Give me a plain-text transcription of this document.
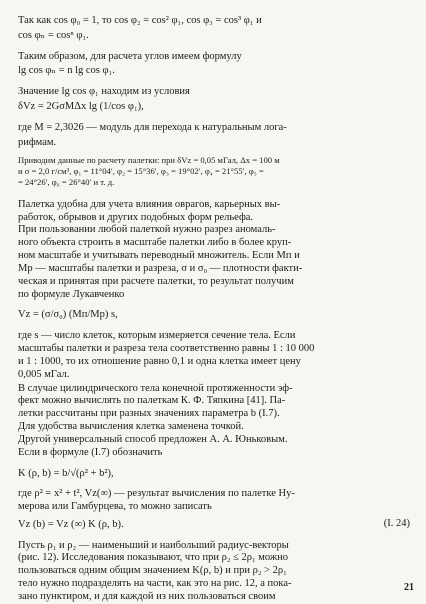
Так как cos φ₀ = 1, то cos φ₂ = cos² φ₁, cos φ₃ = cos³ φ₁ и
cos φₙ = cosⁿ φ₁.
Таким образом, для расчета углов имеем формулу
lg cos φₙ = n lg cos φ₁.
Значение lg cos φ₁ находим из условия
δVz = 2GσMΔx lg (1/cos φ₁),
где M = 2,3026 — модуль для перехода к натуральным лога-
рифмам.
Приводим данные по расчету палетки: при δVz = 0,05 мГал, Δx = 100 м
и σ = 2,0 г/см³, φ₁ = 11°04′, φ₂ = 15°36′, φ₃ = 19°02′, φ₄ = 21°55′, φ₅ =
= 24°26′, φ₆ = 26°40′ и т. д.
Палетка удобна для учета влияния оврагов, карьерных вы-
работок, обрывов и других подобных форм рельефа.
При пользовании любой палеткой нужно разрез аномаль-
ного объекта строить в масштабе палетки либо в более круп-
ном масштабе и учитывать переводный множитель. Если Mп и
Mр — масштабы палетки и разреза, σ и σ₀ — плотности факти-
ческая и принятая при расчете палетки, то результат получим
по формуле Лукавченко
Vz = (σ/σ₀) (Mп/Mр) s,
где s — число клеток, которым измеряется сечение тела. Если
масштабы палетки и разреза тела соответственно равны 1 : 10 000
и 1 : 1000, то их отношение равно 0,1 и одна клетка имеет цену
0,005 мГал.
В случае цилиндрического тела конечной протяженности эф-
фект можно вычислять по палеткам К. Ф. Тяпкина [41]. Па-
летки рассчитаны при разных значениях параметра b (I.7).
Для удобства вычисления клетка заменена точкой.
Другой универсальный способ предложен А. А. Юньковым.
Если в формуле (I.7) обозначить
K (ρ, b) = b/√(ρ² + b²),
где ρ² = x² + t², Vz(∞) — результат вычисления по палетке Ну-
мерова или Гамбурцева, то можно записать
Vz (b) = Vz (∞) K (ρ, b).
Пусть ρ₁ и ρ₂ — наименьший и наибольший радиус-векторы
(рис. 12). Исследования показывают, что при ρ₂ ≤ 2ρ₁ можно
пользоваться одним общим значением K(ρ, b) и при ρ₂ > 2ρ₁
тело нужно подразделять на части, как это на рис. 12, а пока-
зано пунктиром, и для каждой из них пользоваться своим
(I. 24)
21
